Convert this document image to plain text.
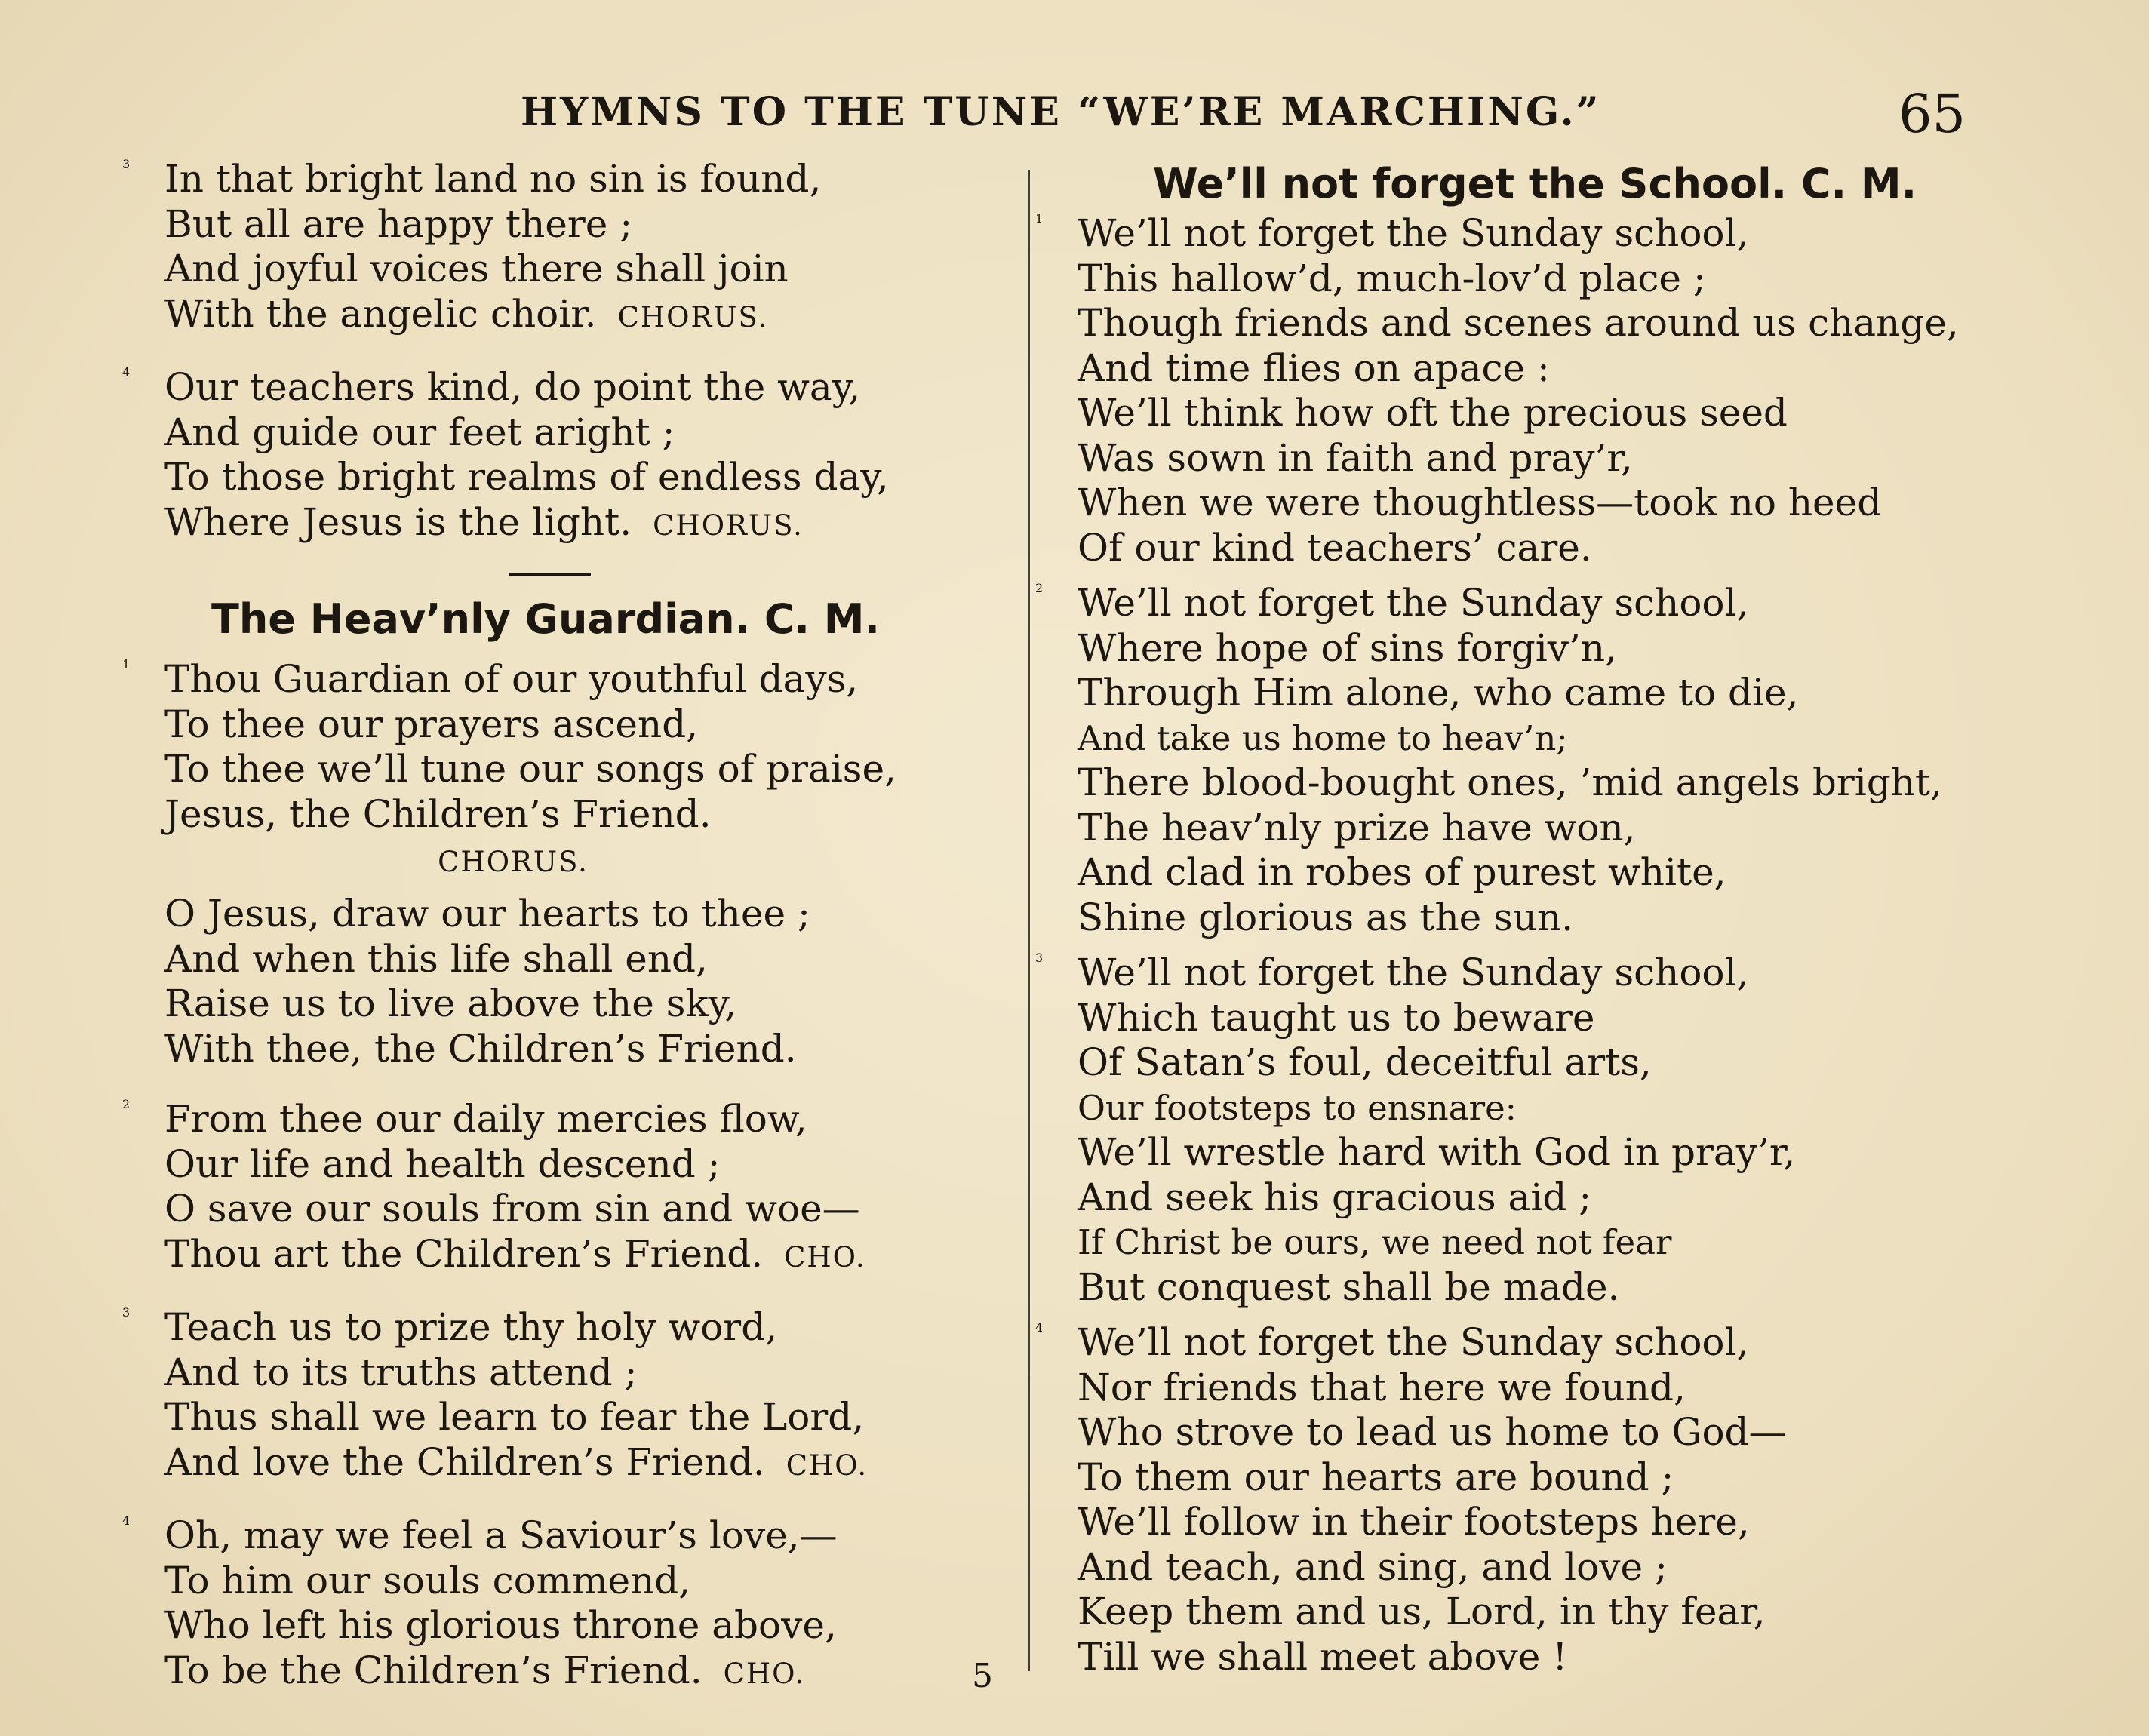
HYMNS TO THE TUNE “WE’RE MARCHING.”	65
3 In that bright land no sin is found,
But all are happy there ;
And joyful voices there shall join
With the angelic choir. CHORUS.
4 Our teachers kind, do point the way,
And guide our feet aright ;
To those bright realms of endless day,
Where Jesus is the light. CHORUS.
The Heav’nly Guardian. C. M.
1 Thou Guardian of our youthful days,
To thee our prayers ascend,
To thee we’ll tune our songs of praise,
Jesus, the Children’s Friend.
CHORUS.
O Jesus, draw our hearts to thee ;
And when this life shall end,
Raise us to live above the sky,
With thee, the Children’s Friend.
2 From thee our daily mercies flow,
Our life and health descend ;
O save our souls from sin and woe—
Thou art the Children’s Friend. CHO.
3 Teach us to prize thy holy word,
And to its truths attend ;
Thus shall we learn to fear the Lord,
And love the Children’s Friend. CHO.
4 Oh, may we feel a Saviour’s love,—
To him our souls commend,
Who left his glorious throne above,
To be the Children’s Friend. CHO.
We’ll not forget the School. C. M.
1 We’ll not forget the Sunday school,
This hallow’d, much-lov’d place ;
Though friends and scenes around us change,
And time flies on apace :
We’ll think how oft the precious seed
Was sown in faith and pray’r,
When we were thoughtless—took no heed
Of our kind teachers’ care.
2 We’ll not forget the Sunday school,
Where hope of sins forgiv’n,
Through Him alone, who came to die,
And take us home to heav’n;
There blood-bought ones, ’mid angels bright,
The heav’nly prize have won,
And clad in robes of purest white,
Shine glorious as the sun.
3 We’ll not forget the Sunday school,
Which taught us to beware
Of Satan’s foul, deceitful arts,
Our footsteps to ensnare:
We’ll wrestle hard with God in pray’r,
And seek his gracious aid ;
If Christ be ours, we need not fear
But conquest shall be made.
4 We’ll not forget the Sunday school,
Nor friends that here we found,
Who strove to lead us home to God—
To them our hearts are bound ;
We’ll follow in their footsteps here,
And teach, and sing, and love ;
Keep them and us, Lord, in thy fear,
Till we shall meet above !
5
